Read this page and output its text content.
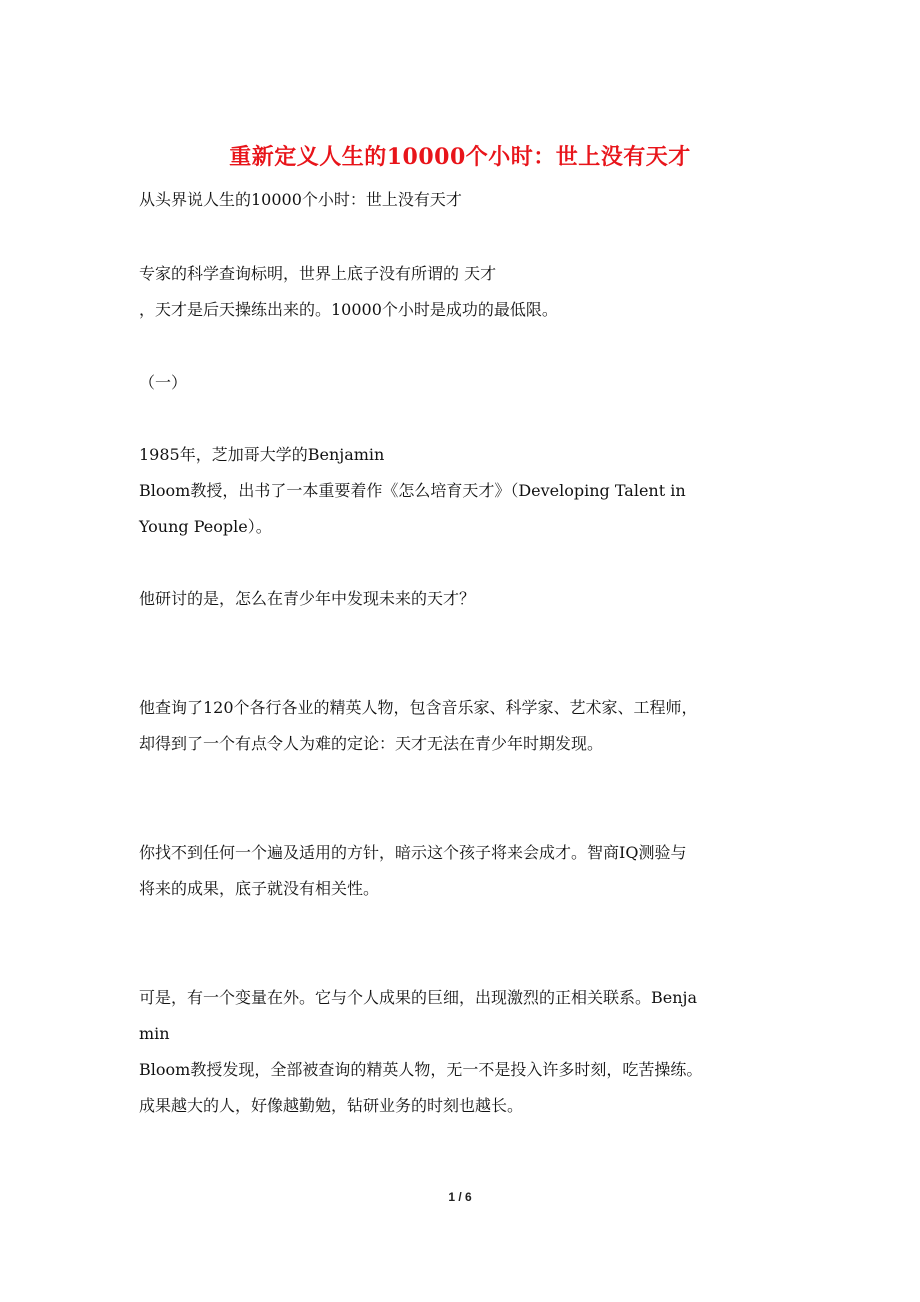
重新定义人生的10000个小时：世上没有天才
从头界说人生的10000个小时：世上没有天才
专家的科学查询标明，世界上底子没有所谓的 天才
，天才是后天操练出来的。10000个小时是成功的最低限。
（一）
1985年，芝加哥大学的Benjamin
Bloom教授，出书了一本重要着作《怎么培育天才》（Developing Talent in
Young People）。
他研讨的是，怎么在青少年中发现未来的天才？
他查询了120个各行各业的精英人物，包含音乐家、科学家、艺术家、工程师，
却得到了一个有点令人为难的定论：天才无法在青少年时期发现。
你找不到任何一个遍及适用的方针，暗示这个孩子将来会成才。智商IQ测验与
将来的成果，底子就没有相关性。
可是，有一个变量在外。它与个人成果的巨细，出现激烈的正相关联系。Benja
min
Bloom教授发现，全部被查询的精英人物，无一不是投入许多时刻，吃苦操练。
成果越大的人，好像越勤勉，钻研业务的时刻也越长。
1 / 6
